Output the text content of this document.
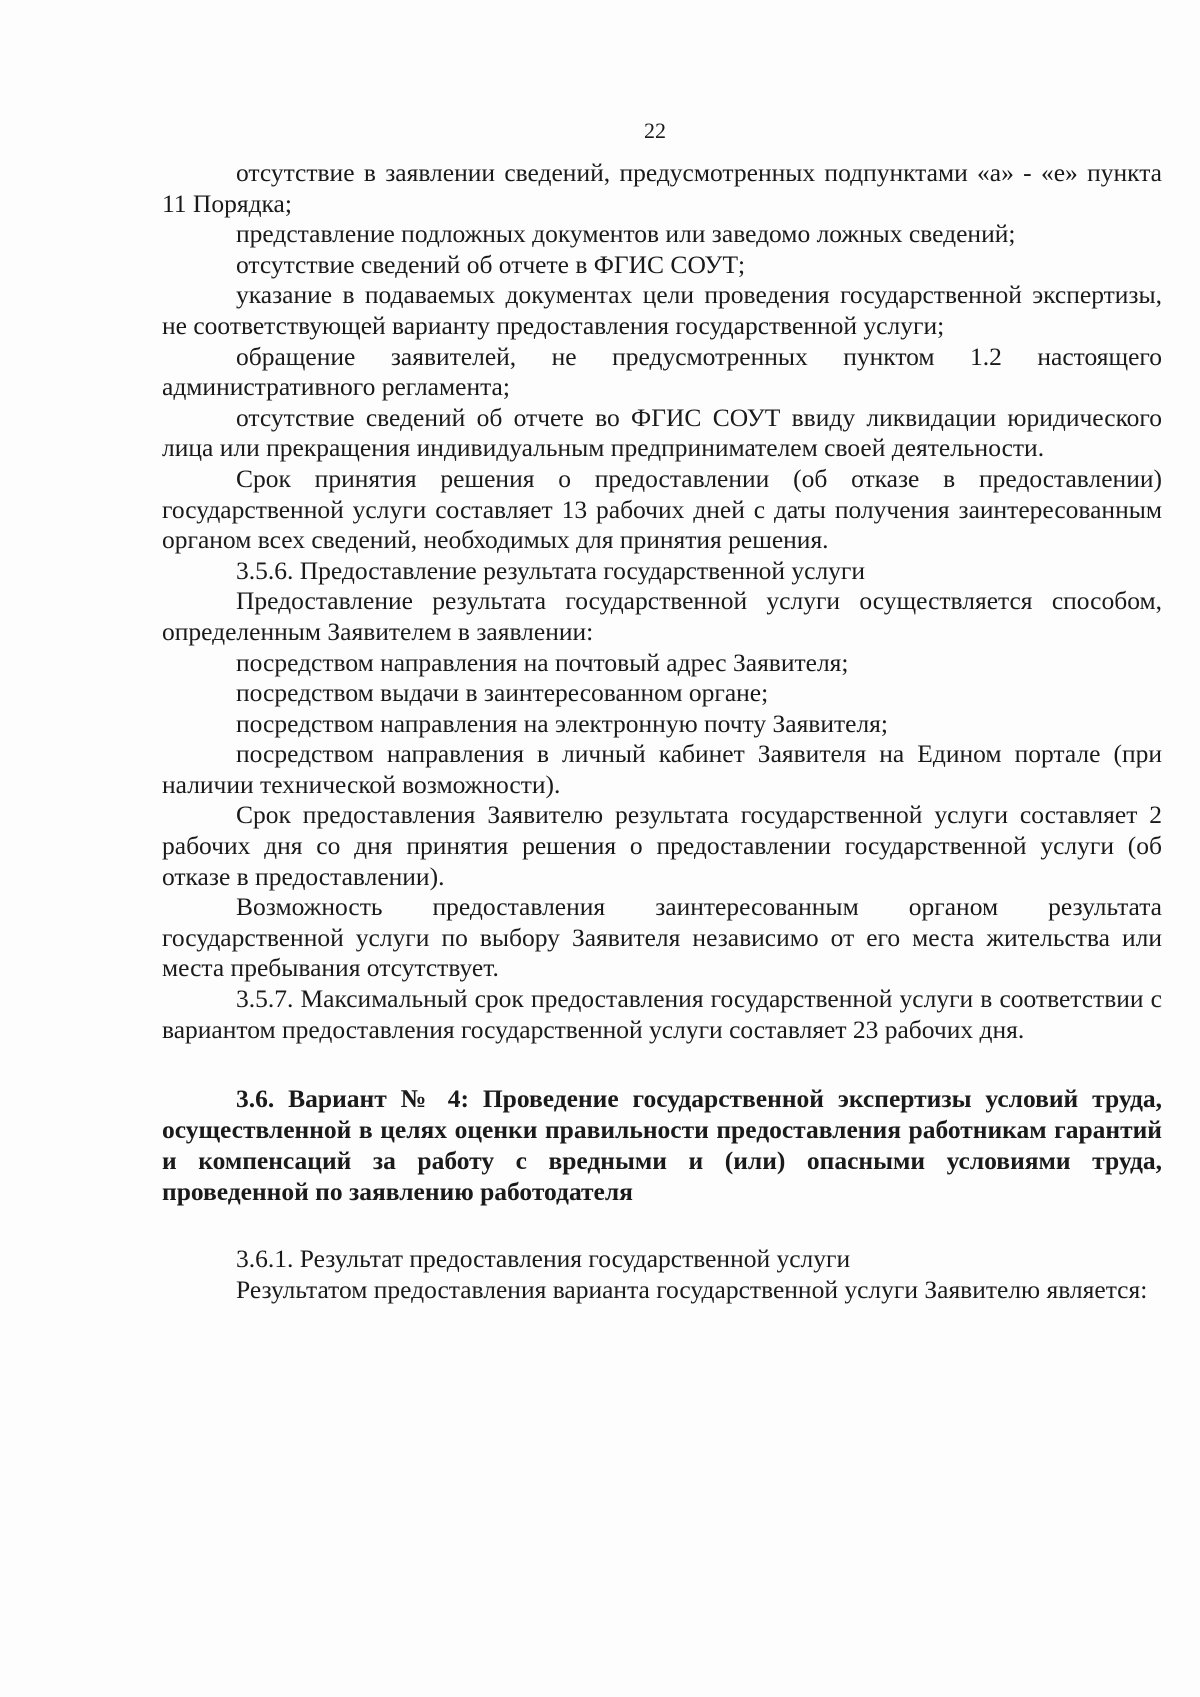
22

отсутствие в заявлении сведений, предусмотренных подпунктами «а» - «е» пункта 11 Порядка;

представление подложных документов или заведомо ложных сведений;

отсутствие сведений об отчете в ФГИС СОУТ;

указание в подаваемых документах цели проведения государственной экспертизы, не соответствующей варианту предоставления государственной услуги;

обращение заявителей, не предусмотренных пунктом 1.2 настоящего административного регламента;

отсутствие сведений об отчете во ФГИС СОУТ ввиду ликвидации юридического лица или прекращения индивидуальным предпринимателем своей деятельности.

Срок принятия решения о предоставлении (об отказе в предоставлении) государственной услуги составляет 13 рабочих дней с даты получения заинтересованным органом всех сведений, необходимых для принятия решения.

3.5.6. Предоставление результата государственной услуги

Предоставление результата государственной услуги осуществляется способом, определенным Заявителем в заявлении:

посредством направления на почтовый адрес Заявителя;

посредством выдачи в заинтересованном органе;

посредством направления на электронную почту Заявителя;

посредством направления в личный кабинет Заявителя на Едином портале (при наличии технической возможности).

Срок предоставления Заявителю результата государственной услуги составляет 2 рабочих дня со дня принятия решения о предоставлении государственной услуги (об отказе в предоставлении).

Возможность предоставления заинтересованным органом результата государственной услуги по выбору Заявителя независимо от его места жительства или места пребывания отсутствует.

3.5.7. Максимальный срок предоставления государственной услуги в соответствии с вариантом предоставления государственной услуги составляет 23 рабочих дня.

3.6. Вариант № 4: Проведение государственной экспертизы условий труда, осуществленной в целях оценки правильности предоставления работникам гарантий и компенсаций за работу с вредными и (или) опасными условиями труда, проведенной по заявлению работодателя

3.6.1. Результат предоставления государственной услуги

Результатом предоставления варианта государственной услуги Заявителю является:
